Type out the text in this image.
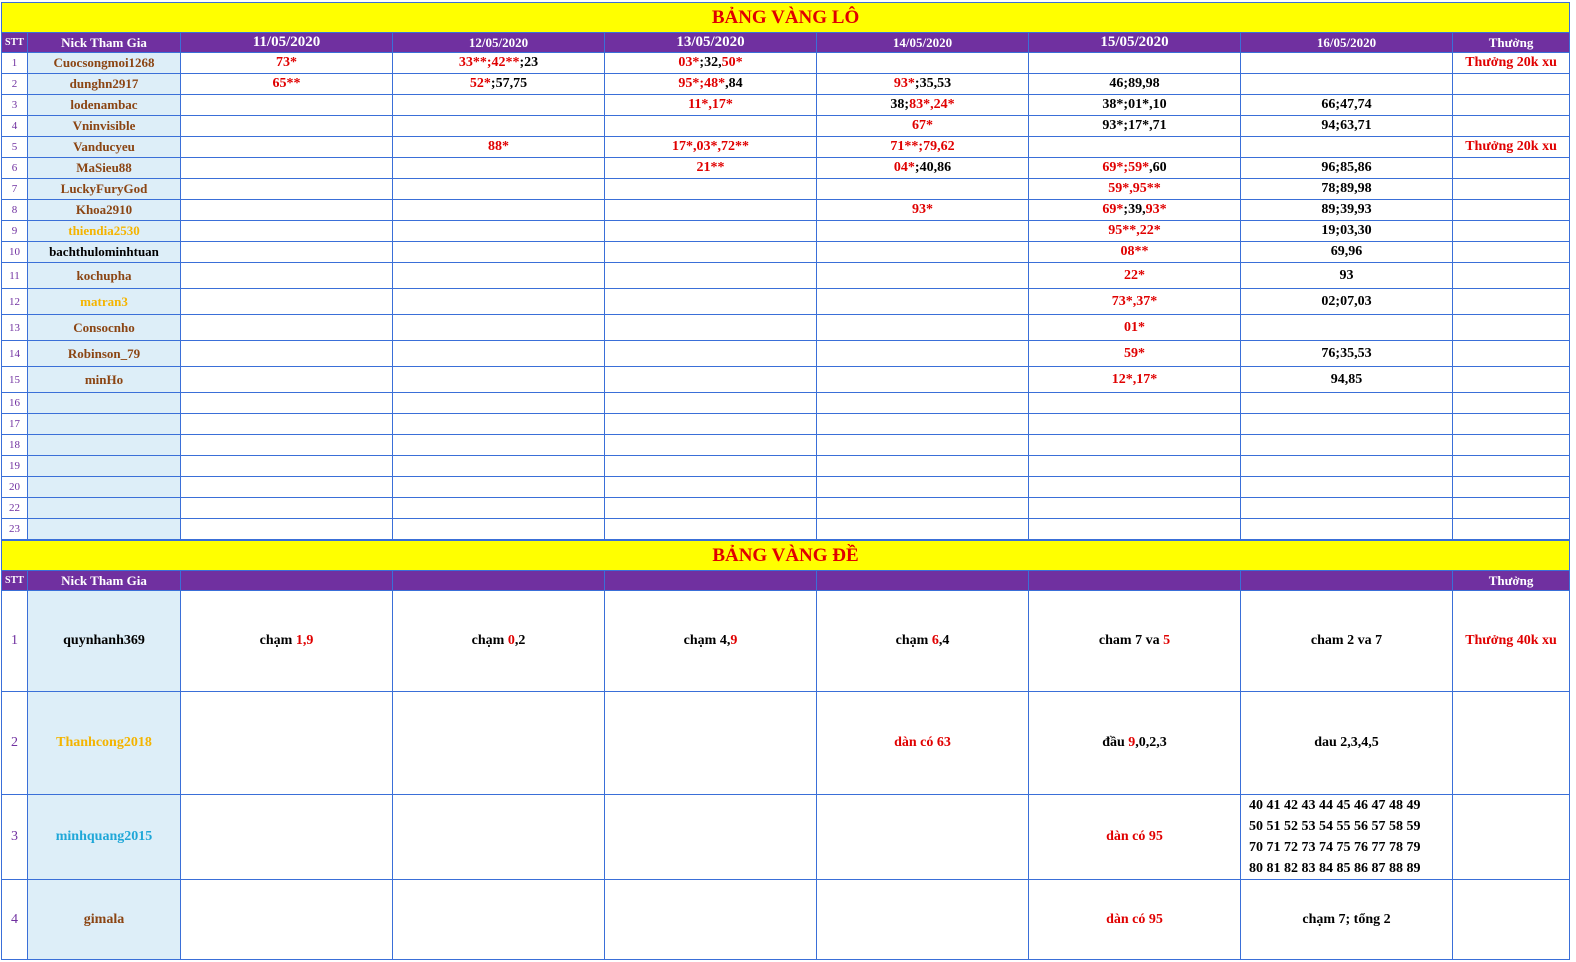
BẢNG VÀNG LÔ								
STT	Nick Tham Gia	11/05/2020	12/05/2020	13/05/2020	14/05/2020	15/05/2020	16/05/2020	Thưởng
1	Cuocsongmoi1268	73*	33**;42**;23	03*;32,50*				Thưởng 20k xu
2	dunghn2917	65**	52*;57,75	95*;48*,84	93*;35,53	46;89,98		
3	lodenambac			11*,17*	38;83*,24*	38*;01*,10	66;47,74	
4	Vninvisible				67*	93*;17*,71	94;63,71	
5	Vanducyeu		88*	17*,03*,72**	71**;79,62			Thưởng 20k xu
6	MaSieu88			21**	04*;40,86	69*;59*,60	96;85,86	
7	LuckyFuryGod					59*,95**	78;89,98	
8	Khoa2910				93*	69*;39,93*	89;39,93	
9	thiendia2530					95**,22*	19;03,30	
10	bachthulominhtuan					08**	69,96	
11	kochupha					22*	93	
12	matran3					73*,37*	02;07,03	
13	Consocnho					01*		
14	Robinson_79					59*	76;35,53	
15	minHo					12*,17*	94,85	
16								
17								
18								
19								
20								
22								
23								
BẢNG VÀNG ĐỀ								
STT	Nick Tham Gia							Thưởng
1	quynhanh369	chạm 1,9	chạm 0,2	chạm 4,9	chạm 6,4	cham 7 va 5	cham 2 va 7	Thưởng 40k xu
2	Thanhcong2018				dàn có 63	đầu 9,0,2,3	dau 2,3,4,5	
3	minhquang2015					dàn có 95	40 41 42 43 44 45 46 47 48 49
50 51 52 53 54 55 56 57 58 59
70 71 72 73 74 75 76 77 78 79
80 81 82 83 84 85 86 87 88 89	

4	gimala					dàn có 95	chạm 7; tổng 2	
